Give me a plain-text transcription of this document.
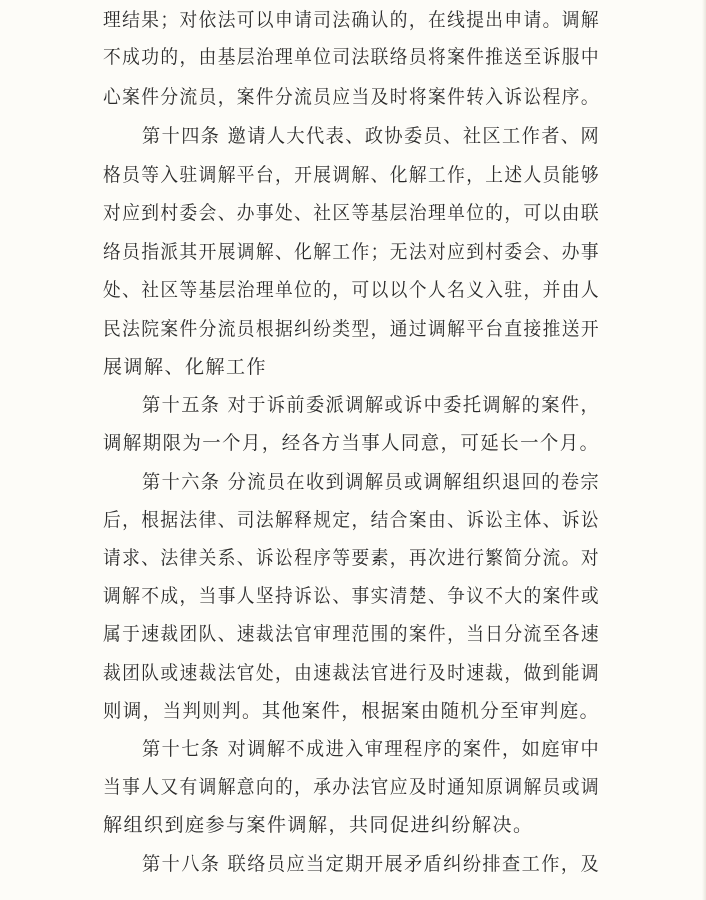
理结果；对依法可以申请司法确认的，在线提出申请。调解
不成功的，由基层治理单位司法联络员将案件推送至诉服中
心案件分流员，案件分流员应当及时将案件转入诉讼程序。
第十四条 邀请人大代表、政协委员、社区工作者、网
格员等入驻调解平台，开展调解、化解工作，上述人员能够
对应到村委会、办事处、社区等基层治理单位的，可以由联
络员指派其开展调解、化解工作；无法对应到村委会、办事
处、社区等基层治理单位的，可以以个人名义入驻，并由人
民法院案件分流员根据纠纷类型，通过调解平台直接推送开
展调解、化解工作
第十五条 对于诉前委派调解或诉中委托调解的案件，
调解期限为一个月，经各方当事人同意，可延长一个月。
第十六条 分流员在收到调解员或调解组织退回的卷宗
后，根据法律、司法解释规定，结合案由、诉讼主体、诉讼
请求、法律关系、诉讼程序等要素，再次进行繁简分流。对
调解不成，当事人坚持诉讼、事实清楚、争议不大的案件或
属于速裁团队、速裁法官审理范围的案件，当日分流至各速
裁团队或速裁法官处，由速裁法官进行及时速裁，做到能调
则调，当判则判。其他案件，根据案由随机分至审判庭。
第十七条 对调解不成进入审理程序的案件，如庭审中
当事人又有调解意向的，承办法官应及时通知原调解员或调
解组织到庭参与案件调解，共同促进纠纷解决。
第十八条 联络员应当定期开展矛盾纠纷排查工作，及
